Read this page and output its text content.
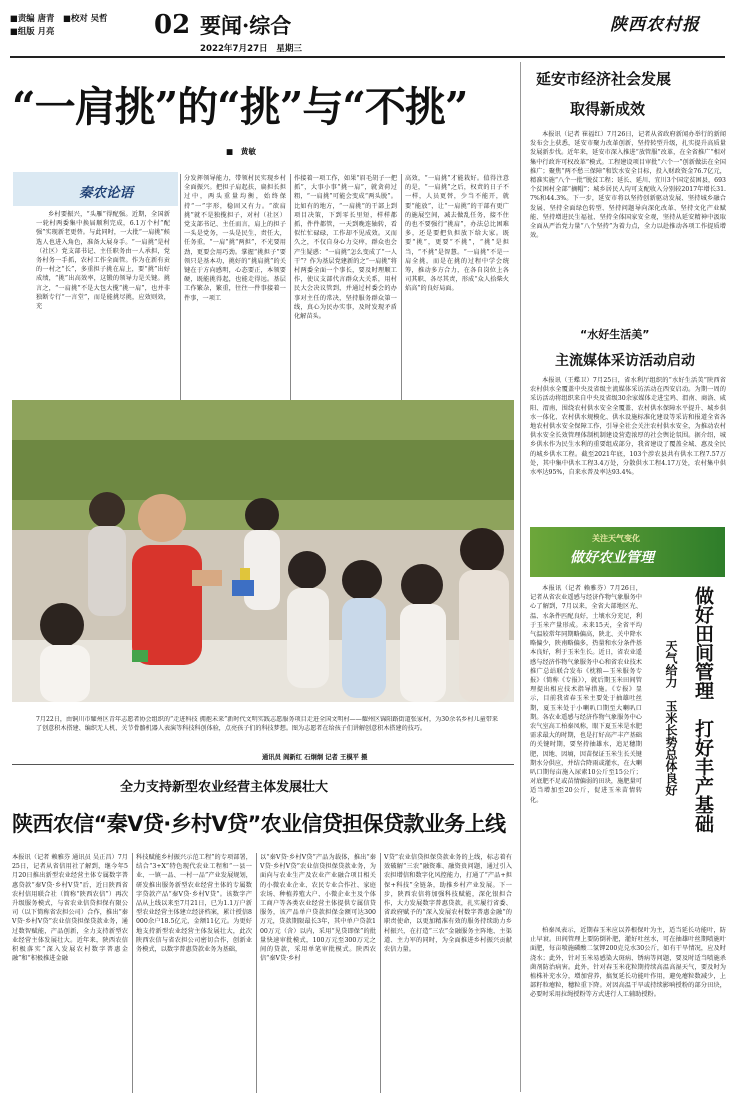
■责编 唐青 ■校对 吴哲
■组版 月亮	02 要闻·综合
2022年7月27日　星期三
陕西农村报
“一肩挑”的“挑”与“不挑”
■　黄敏
秦农论语
乡村要振兴，“头雁”得配强。近期，全国新一轮村两委集中换届顺利完成，6.1万个村“配强”实现新老更替。与此同时，一大批“一肩挑”候选人也进入角色，准备大展身手。“一肩挑”是村（社区）党支部书记、主任职务由一人承担，党务村务一手抓，农村工作全面管。作为在新有贡的一村之“长”，多重担子挑在肩上，要“挑”出好成绩，“挑”出高效率，这锻的领导力是关键。挑言之，“一肩挑”不是大包大揽“挑一肩”，也并非独断专行“一言堂”，而是能挑尽挑，应效则效，充
分发挥领导能力，带领村民实现乡村全面振兴。把担子肩起扶，扁担长担过中，两头重量均衡，始终保持“一”字形，稳固又有力。“欲肩挑”就不是独揽担子，对村（社区）党支部书记、主任而言，肩上的担子一头是党务，一头是民生，责任大，任务重，“一肩”挑“两担”，不光要用劲，更要会用巧劲。掌握“挑担子”要领只是基本功，挑好的“挑肩挑”的关键在于方向感明，心态要正，本领要硬，既能挑得起，也能走得远。基层工作繁杂，繁重，往往一件事接着一件事，一项工
作接着一项工作，如果“眉毛胡子一把抓”，大事小事“挑一肩”，就贪荷过粗，“一肩挑”可能会变成“两头脱”。比如有的地方，“一肩挑”的干部上到项目决策，下到零长里短，样样都抓，件件都管，一天到晚连轴转，看似忙忙碌碌，工作却不见成效。又而久之，不仅自身心力交瘁，群众也会产生疑惑：“一肩挑”怎么变成了“一人干”？作为基层党建新的之“一肩挑”将村两委全面一个事长，要及时理顺工作，使议支部代言群众大关系，用村民大会决议管到，并通过村委会的办事对主任的常决，坚持服务群众第一线，真心为民办实事，及时发现矛盾化解苗头。
高效，“一肩挑”才能栽好。值得注意的是，“一肩挑”之后，权责的日子不一样，人员更替，少当不能开，就要“能放”，让“一肩挑”的干部有更广的施展空间，减去做乱任务，接不住的也不要强行“挑肩”，办法总比困难多，还是要把负担放下给大家。既要“挑”，更要“不挑”，“挑”是担当，“不挑”是智慧。“一肩挑”不是一肩全挑，而是在挑的过程中学会统筹，推动多方合力，在各自岗位上各司其职、各尽其责，形成“众人拾柴火焰高”的良好局面。
7月22日，由铜川市耀州区青年志愿者协会组织的“走进科技 拥抱未来”新时代文明实践志愿服务项目走进全国文明村——耀州区锦阳路街道张家村，为30余名乡村儿童带来了创意积木搭建、编织无人机、关节骨骼机器人表演等科技科创体验，点亮孩子们的科技梦想。图为志愿者在给孩子们讲解创意积木搭建的技巧。
通讯员 阎新红 石炯炯 记者 王模平 摄
全力支持新型农业经营主体发展壮大
陕西农信“秦V贷·乡村V贷”农业信贷担保贷款业务上线
本报讯（记者 赖雅芬 通讯员 吴正昌）7月25日，记者从省信用社了解到，继今年5月20日推出新型农业经营主体专属数字普惠贷款“秦V贷·乡村V贷”后，近日陕西省农村信用联合社（简称“陕西农信”）再次升级服务模式，与省农业信贷担保有限公司（以下简称省农担公司）合作，推出“秦V贷·乡村V贷”农业信贷担保贷款业务，通过数智赋能，产品创新，全力支持新型农业经营主体发展壮大。近年来，陕西农信积极落实“深入发展农村数字普惠金融”和“积极推进金融
科技赋能乡村振兴示范工程”的专项部署，结合“3+X”特色现代农业工程和“一县一业、一镇一品、一村一品”产业发展规划，研发推出服务新型农业经营主体的专属数字贷款产品“秦V贷·乡村V贷”。该数字产品从上线以来至7月21日，已为1.1万户新型农业经营主体建立经济档案，累计授信8000余户18.5亿元，金额11亿元。为更好地支持新型农业经营主体发展壮大，此次陕西农信与省农担公司密切合作，创新业务模式，以数字普惠贷款业务为基础，
以“秦V贷·乡村V贷”产品为载体，推出“秦V贷·乡村V贷”农业信贷担保贷款业务，为面向与农业生产及农业产业融合项目相关的小微农业企业、农民专业合作社、家庭农场、种植养殖大户、小微企业主及个体工商户等各类农业经营主体提供专属信贷服务，该产品单户贷款担保金额可达300万元，贷款期限最长3年，其中单户贷款100万元（含）以内，采用“见贷即保”的批量快速审批模式，100万元至300万元之间的贷款，采用单笔审批模式。陕西农信“秦V贷·乡村
V贷”农业信贷担保贷款业务的上线，标志着有效破解“三农”融资难、融资贵问题，通过引入农担增信和数字化风控能力，打通了“产品+担保+科技”全链条，助推乡村产业发展。下一步，陕西农信将加强科技赋能，深化银担合作，大力发展数字普惠贷款，扎实履行省委、省政府赋予的“深入发展农村数字普惠金融”的职责使命，以更加精准有效的服务持续助力乡村振兴，在打造“三农”金融服务主阵地、主渠道、主力军的同时，为全面推进乡村振兴贡献农信力量。
延安市经济社会发展
取得新成效
本报讯（记者 崔福红）7月26日，记者从省政府新闻办举行的新闻发布会上获悉，延安市聚力改革创新，坚持转型升级，扎实提升高质量发展新步伐。近年来，延安市深入推进“放管服”改革，在全省推广“相对集中行政许可权改革”模式。工程建设项目审批“六个一”创新做法在全国推广；聚焦“两不愁三保障”和饮水安全目标，投入财政资金76.7亿元，精准实施“八个一批”脱贫工程；延长、延川、宜川3个国定贫困县，693个贫困村全部“摘帽”；城乡居民人均可支配收入分别较2017年增长31.7%和44.3%。下一步，延安市将以坚持创新驱动发展、坚持城乡融合发展、坚持全面绿色转型、坚持问题导向深化改革、坚持文化产业赋能、坚持增进民生福祉、坚持全体国家安全观，坚持从延安精神中汲取全面从严治党力量“八个坚持”为着力点，全力以赴推动各项工作提质增效。
“水好生活美”
主流媒体采访活动启动
本报讯（王蝶卫）7月25日，省水利厅组织的“水好生活美”陕西省农村供水全覆盖中央及省级主流媒体采访活动在西安启动。为期一周的采访活动将组织来自中央及省级30余家媒体走进宝鸡、渭南、商洛、咸阳、渭南，围绕农村供水安全全覆盖、农村供水保障水平提升、城乡供水一体化、农村供水规模化、供水设施标准化建设等采访和报道全省各地农村供水安全保障工作，引导全社会关注农村供水安全，为推动农村供水安全长效管理体制机制建设营造浓厚的社会舆论氛围。据介绍，城乡供水作为民生水利的重要组成部分，我省建设了覆盖全城、惠及全民的城乡供水工程。截至2021年底，103个涉农县共有供水工程7.57万处，其中集中供水工程3.4万处，分散供水工程4.17万处，农村集中供水率达95%，自来水普及率达93.4%。
关注天气变化
做好农业管理
本报讯（记者 赖雅芬）7月26日，记者从省农业遥感与经济作物气象服务中心了解到，7月以来，全省大部地区光、温、水条件匹配良好，土壤水分充足，利于玉米产量形成。未来15天，全省平均气温较常年同期略偏高，陕北、关中降水略偏少，陕南略偏多，热量和水分条件基本良好，利于玉米生长。近日，省农业遥感与经济作物气象服务中心和省农业技术推广总站联合发布《枕粮—玉米服务专报》（简称《专报》），就后期玉米田间管理提出相应技术指导措施。《专报》显示，目前我省春玉米主要处于抽雄吐丝期，夏玉米处于小喇叭口期至大喇叭口期。各农业遥感与经济作物气象服务中心农气室高工柏秦凤称，眼下夏玉米是水肥需求最大的时期，也是打好高产丰产基础的关键时期，要坚持抽雄水，追足穗期肥，因地、因墒，因苗保证玉米生长关键期水分供应，并结合降雨或灌水，在大喇叭口期每亩施入尿素10公斤至15公斤；对底肥不足或苗情偏弱的田块，施肥量可适当增加至20公斤，促进玉米苗情转化。	做好田间管理　打好丰产基础
天气给力　玉米长势总体良好
柏秦凤表示，近期春玉米应以养根保叶为主，适当延长功能叶，防止早衰。田间管理上要防倒补肥，灌好吐丝水，可在抽雄叶丝期喷施叶面肥，每亩喷施磷酸二氢钾200克兑水30公斤，如有干旱情况，应及时浇水；此外，针对玉米易感染大斑病、锈病等问题，要及时适当喷施杀菌剂防治病害。此外，针对春玉米花粒期持续高温高湿天气，要及时为植株补充水分，增加营养，搞复延长功能叶作用，避免瘪粒数减少，上部籽粒瘪粒，穗粒重下降。对因高温干旱或持续影响授粉的部分田块，必要时采用拉绳授粉等方式进行人工辅助授粉。
